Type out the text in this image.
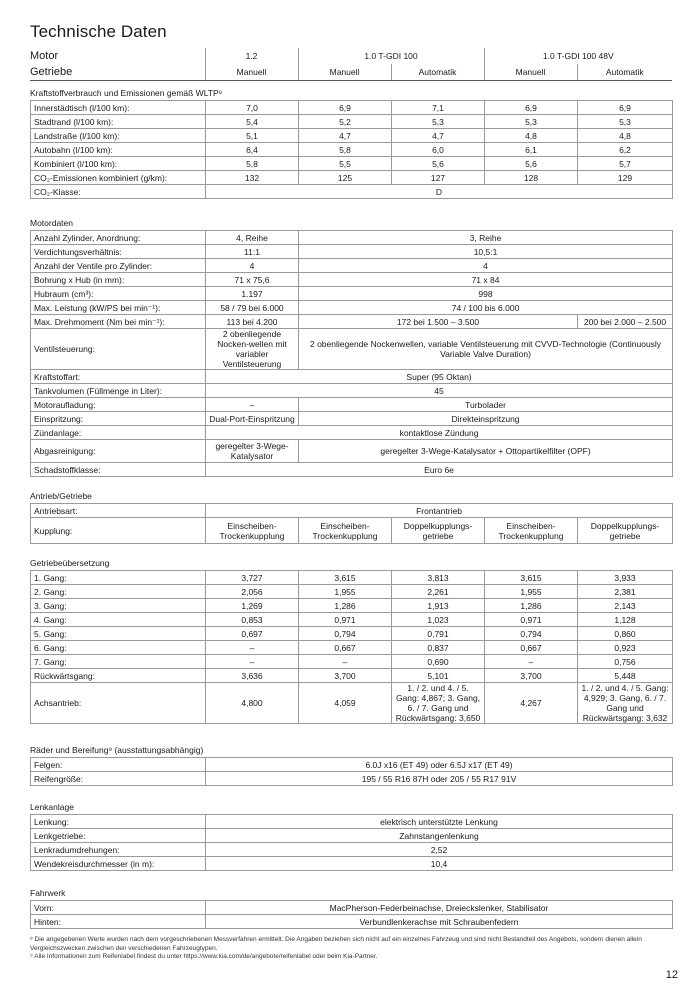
Technische Daten
Motor	1.2	1.0 T-GDI 100		1.0 T-GDI 100 48V	
Getriebe	Manuell	Manuell	Automatik	Manuell	Automatik
Kraftstoffverbrauch und Emissionen gemäß WLTP⁸
Innerstädtisch (l/100 km):	7,0	6,9	7,1	6,9	6,9
Stadtrand (l/100 km):	5,4	5,2	5,3	5,3	5,3
Landstraße (l/100 km):	5,1	4,7	4,7	4,8	4,8
Autobahn (l/100 km):	6,4	5,8	6,0	6,1	6,2
Kombiniert (l/100 km):	5,8	5,5	5,6	5,6	5,7
CO₂-Emissionen kombiniert (g/km):	132	125	127	128	129
CO₂-Klasse:	D				
Motordaten
Anzahl Zylinder, Anordnung:	4, Reihe	3, Reihe	
Verdichtungsverhältnis:	11:1	10,5:1	
Anzahl der Ventile pro Zylinder:	4	4	
Bohrung x Hub (in mm):	71 x 75,6	71 x 84	
Hubraum (cm³):	1.197	998	
Max. Leistung (kW/PS bei min⁻¹):	58 / 79 bei 6.000	74 / 100 bis 6.000	
Max. Drehmoment (Nm bei min⁻¹):	113 bei 4.200	172 bei 1.500 – 3.500	200 bei 2.000 – 2.500
Ventilsteuerung:	2 obenliegende Nocken-wellen mit variabler Ventilsteuerung	2 obenliegende Nockenwellen, variable Ventilsteuerung mit CVVD-Technologie (Continuously Variable Valve Duration)	
Kraftstoffart:	Super (95 Oktan)		
Tankvolumen (Füllmenge in Liter):	45		
Motoraufladung:	–	Turbolader	
Einspritzung:	Dual-Port-Einspritzung	Direkteinspritzung	
Zündanlage:	kontaktlose Zündung		
Abgasreinigung:	geregelter 3-Wege-Katalysator	geregelter 3-Wege-Katalysator + Ottopartikelfilter (OPF)	
Schadstoffklasse:	Euro 6e		
Antrieb/Getriebe
Antriebsart:	Frontantrieb				
Kupplung:	Einscheiben-Trockenkupplung	Einscheiben-Trockenkupplung	Doppelkupplungs-getriebe	Einscheiben-Trockenkupplung	Doppelkupplungs-getriebe
Getriebeübersetzung
1. Gang:	3,727	3,615	3,813	3,615	3,933
2. Gang:	2,056	1,955	2,261	1,955	2,381
3. Gang:	1,269	1,286	1,913	1,286	2,143
4. Gang:	0,853	0,971	1,023	0,971	1,128
5. Gang:	0,697	0,794	0,791	0,794	0,860
6. Gang:	–	0,667	0,837	0,667	0,923
7. Gang:	–	–	0,690	–	0,756
Rückwärtsgang:	3,636	3,700	5,101	3,700	5,448
Achsantrieb:	4,800	4,059	1. / 2. und 4. / 5. Gang: 4,867; 3. Gang, 6. / 7. Gang und Rückwärtsgang: 3,650	4,267	1. / 2. und 4. / 5. Gang: 4,929; 3. Gang, 6. / 7. Gang und Rückwärtsgang: 3,632
Räder und Bereifung⁹ (ausstattungsabhängig)
Felgen:	6.0J x16 (ET 49) oder 6.5J x17 (ET 49)
Reifengröße:	195 / 55 R16 87H oder 205 / 55 R17 91V
Lenkanlage
Lenkung:	elektrisch unterstützte Lenkung
Lenkgetriebe:	Zahnstangenlenkung
Lenkradumdrehungen:	2,52
Wendekreisdurchmesser (in m):	10,4
Fahrwerk
Vorn:	MacPherson-Federbeinachse, Dreieckslenker, Stabilisator
Hinten:	Verbundlenkerachse mit Schraubenfedern
⁸ Die angegebenen Werte wurden nach dem vorgeschriebenen Messverfahren ermittelt. Die Angaben beziehen sich nicht auf ein einzelnes Fahrzeug und sind nicht Bestandteil des Angebots, sondern dienen allein Vergleichszwecken zwischen den verschiedenen Fahrzeugtypen.
⁹ Alle Informationen zum Reifenlabel findest du unter https://www.kia.com/de/angebote/reifenlabel oder beim Kia-Partner.
12
